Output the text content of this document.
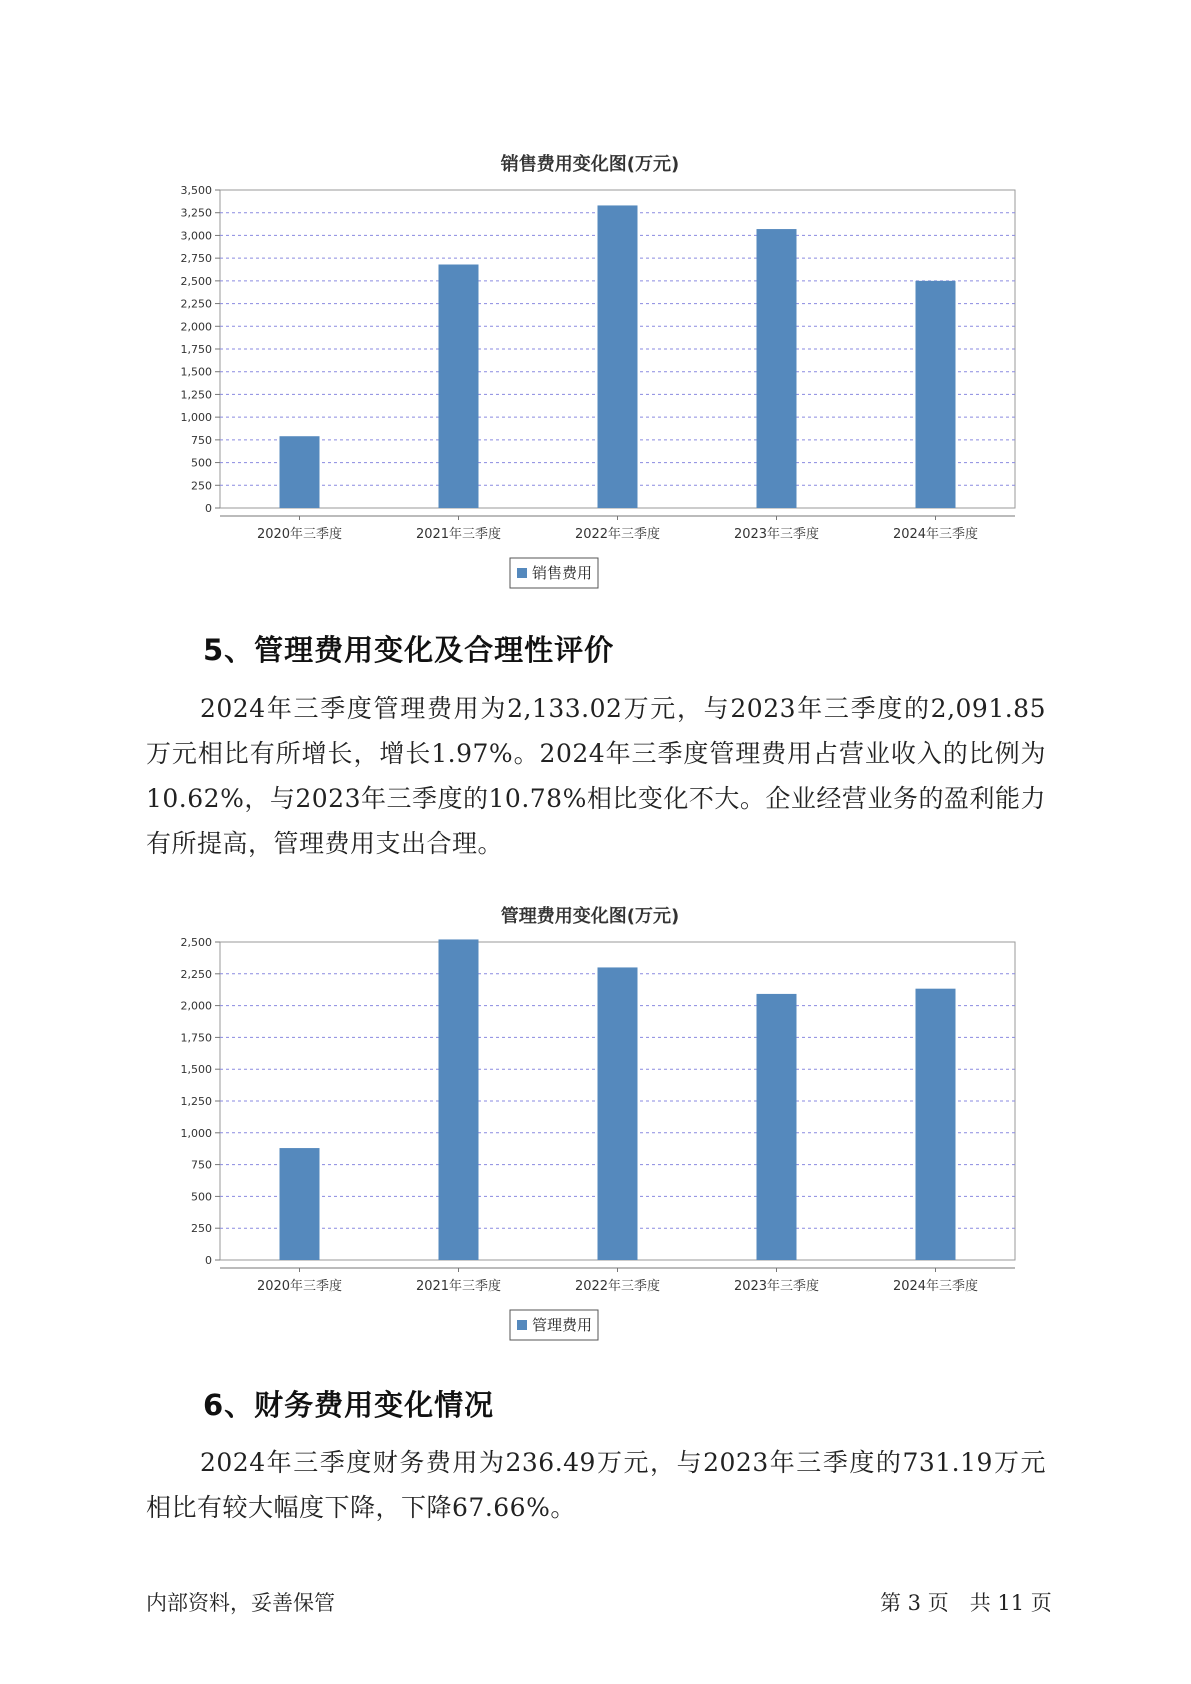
销售费用变化图(万元)
0
250
500
750
1,000
1,250
1,500
1,750
2,000
2,250
2,500
2,750
3,000
3,250
3,500
2020年三季度	2021年三季度	2022年三季度	2023年三季度	2024年三季度
销售费用
5、管理费用变化及合理性评价

2024年三季度管理费用为2,133.02万元，与2023年三季度的2,091.85万元相比有所增长，增长1.97%。2024年三季度管理费用占营业收入的比例为10.62%，与2023年三季度的10.78%相比变化不大。企业经营业务的盈利能力有所提高，管理费用支出合理。

管理费用变化图(万元)
0
250
500
750
1,000
1,250
1,500
1,750
2,000
2,250
2,500
2020年三季度	2021年三季度	2022年三季度	2023年三季度	2024年三季度
管理费用
6、财务费用变化情况

2024年三季度财务费用为236.49万元，与2023年三季度的731.19万元相比有较大幅度下降，下降67.66%。

内部资料，妥善保管	第 3 页　共 11 页
